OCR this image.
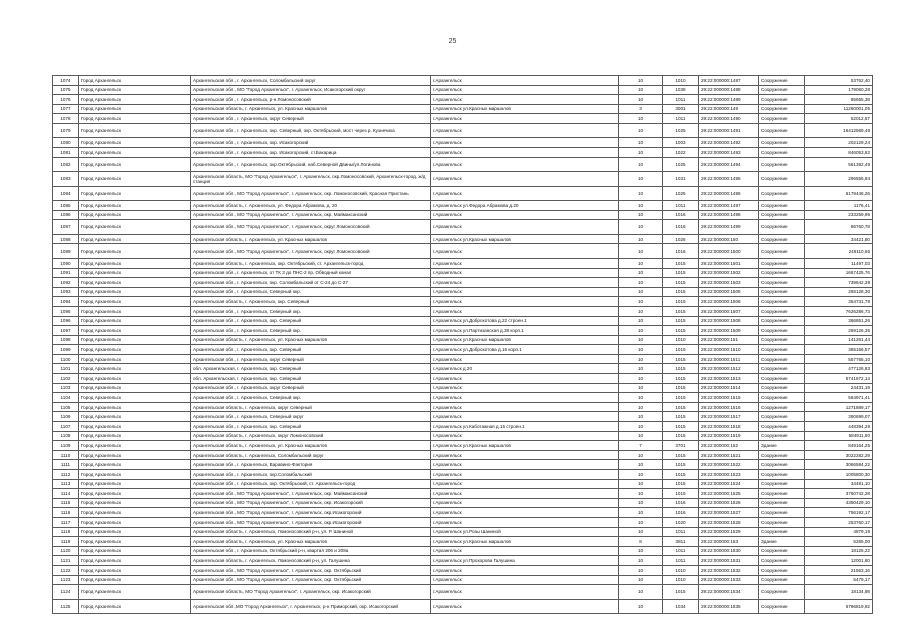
25
1074	Город Архангельск	Архангельская обл., г. Архангельск, Соломбальский округ	г.Архангельск	10	1010	29:22:000000:1487	Сооружение	53762,40
1075	Город Архангельск	Архангельская обл., МО "Город Архангельск", г. Архангельск, Исакогорский округ	г.Архангельск	10	1038	29:22:000000:1488	Сооружение	179060,28
1076	Город Архангельск	Архангельская обл., г. Архангельск, р-н Ломоносовский	г.Архангельск	10	1011	29:22:000000:1489	Сооружение	85655,38
1077	Город Архангельск	Архангельская область, г. Архангельск, ул. Красных маршалов	г.Архангельск ул.Красных маршалов	3	3001	29:22:000000:149	Сооружение	11260001,05
1078	Город Архангельск	Архангельская обл., г. Архангельск, округ Северный	г.Архангельск	10	1011	29:22:000000:1490	Сооружение	52012,57
1079	Город Архангельск	Архангельская обл., г. Архангельск, окр. Северный, окр. Октябрьский, мост через р. Кузнечиха	г.Архангельск	10	1025	29:22:000000:1491	Сооружение	16412569,49
1080	Город Архангельск	Архангельская обл., г. Архангельск, окр. Исакогорский	г.Архангельск	10	1003	29:22:000000:1492	Сооружение	202129,24
1081	Город Архангельск	Архангельская обл., г. Архангельск, окр. Исакогорский, ст.Бакарица	г.Архангельск	10	1022	29:22:000000:1493	Сооружение	846053,82
1082	Город Архангельск	Архангельская обл., г. Архангельск, окр.Октябрьский, наб.Северной Двины/ул.Логинова	г.Архангельск	10	1025	29:22:000000:1494	Сооружение	561392,49
1083	Город Архангельск	Архангельская область, МО "Город Архангельск", г. Архангельск, окр.Ломоносовский, Архангельск-город, ж/д станция	г.Архангельск	10	1031	29:22:000000:1495	Сооружение	296556,84
1084	Город Архангельск	Архангельская обл., МО "Город Архангельск", г. Архангельск, окр. Ломоносовский, Красная Пристань	г.Архангельск	10	1025	29:22:000000:1496	Сооружение	6179446,26
1085	Город Архангельск	Архангельская область, г. Архангельск, ул. Федора Абрамова, д. 20	г.Архангельск ул.Федора Абрамова д.20	10	1011	29:22:000000:1497	Сооружение	1176,41
1086	Город Архангельск	Архангельская обл., МО "Город Архангельск", г. Архангельск, окр. Маймаксанский	г.Архангельск	10	1016	29:22:000000:1498	Сооружение	233259,95
1087	Город Архангельск	Архангельская обл., МО "Город Архангельск", г. Архангельск, округ Ломоносовский	г.Архангельск	10	1016	29:22:000000:1499	Сооружение	86760,78
1088	Город Архангельск	Архангельская область, г. Архангельск, ул. Красных маршалов	г.Архангельск ул.Красных маршалов	10	1026	29:22:000000:150	Сооружение	34421,80
1089	Город Архангельск	Архангельская обл., МО "Город Архангельск", г. Архангельск, округ Ломоносовский	г.Архангельск	10	1016	29:22:000000:1500	Сооружение	246110,65
1090	Город Архангельск	Архангельская область, г. Архангельск, окр. Октябрьский, ст. Архангельск-город	г.Архангельск	10	1015	29:22:000000:1501	Сооружение	11497,03
1091	Город Архангельск	Архангельская обл., г. Архангельск, от ТК 3 до ПНС-2 пр. Обводный канал	г.Архангельск	10	1015	29:22:000000:1502	Сооружение	1667425,76
1092	Город Архангельск	Архангельская обл., г. Архангельск, окр. Соломбальский от С-24 до С-27	г.Архангельск	10	1015	29:22:000000:1503	Сооружение	739642,39
1093	Город Архангельск	Архангельская обл., г. Архангельск, Северный окр.	г.Архангельск	10	1015	29:22:000000:1505	Сооружение	265128,30
1094	Город Архангельск	Архангельская область, г. Архангельск, окр. Северный	г.Архангельск	10	1015	29:22:000000:1506	Сооружение	354731,78
1095	Город Архангельск	Архангельская обл., г. Архангельск, Северный окр.	г.Архангельск	10	1015	29:22:000000:1507	Сооружение	7626286,73
1096	Город Архангельск	Архангельская обл., г. Архангельск, окр. Северный	г.Архангельск ул.Доброхотова д.22 строен.1	10	1015	29:22:000000:1508	Сооружение	366651,26
1097	Город Архангельск	Архангельская обл., г. Архангельск, Северный окр.	г.Архангельск ул.Партизанская д.38 корп.1	10	1015	29:22:000000:1509	Сооружение	269126,35
1098	Город Архангельск	Архангельская область, г. Архангельск, ул. Красных маршалов	г.Архангельск ул.Красных маршалов	10	1010	29:22:000000:151	Сооружение	141261,44
1099	Город Архангельск	Архангельская обл., г. Архангельск, окр. Северный	г.Архангельск ул.Доброхотова д.16 корп.1	10	1015	29:22:000000:1510	Сооружение	365156,57
1100	Город Архангельск	Архангельская обл., г. Архангельск, округ Северный	г.Архангельск	10	1015	29:22:000000:1511	Сооружение	557765,10
1101	Город Архангельск	обл. Архангельская, г. Архангельск, окр. Северный	г.Архангельск д.20	10	1015	29:22:000000:1512	Сооружение	477126,83
1102	Город Архангельск	обл. Архангельская, г. Архангельск, окр. Северный	г.Архангельск	10	1015	29:22:000000:1513	Сооружение	5741672,14
1103	Город Архангельск	Архангельская обл., г. Архангельск, округ Северный	г.Архангельск	10	1015	29:22:000000:1514	Сооружение	24431,19
1104	Город Архангельск	Архангельская обл., г. Архангельск, Северный окр.	г.Архангельск	10	1015	29:22:000000:1515	Сооружение	564971,41
1105	Город Архангельск	Архангельская область, г. Архангельск, округ Северный	г.Архангельск	10	1015	29:22:000000:1516	Сооружение	1271889,17
1106	Город Архангельск	Архангельская обл., г. Архангельск, Северный округ	г.Архангельск	10	1015	29:22:000000:1517	Сооружение	390699,07
1107	Город Архангельск	Архангельская обл., г. Архангельск, окр. Северный	г.Архангельск ул.Каботажная д.15 строен.1	10	1015	29:22:000000:1518	Сооружение	448394,29
1108	Город Архангельск	Архангельская область, г. Архангельск, округ Ломоносовский	г.Архангельск	10	1015	29:22:000000:1519	Сооружение	584911,50
1109	Город Архангельск	Архангельская область, г. Архангельск, ул. Красных маршалов	г.Архангельск ул.Красных маршалов	7	3701	29:22:000000:152	Здание	849164,25
1110	Город Архангельск	Архангельская область, г. Архангельск, Соломбальский округ	г.Архангельск	10	1015	29:22:000000:1521	Сооружение	3022282,29
1111	Город Архангельск	Архангельская обл., г. Архангельск, Варавино-Фактория	г.Архангельск	10	1015	29:22:000000:1522	Сооружение	3066584,22
1112	Город Архангельск	Архангельская обл., г. Архангельск, окр.Соломбальский	г.Архангельск	10	1015	29:22:000000:1523	Сооружение	1005800,30
1113	Город Архангельск	Архангельская обл., г. Архангельск, окр. Октябрьский, ст. Архангельск-город	г.Архангельск	10	1015	29:22:000000:1524	Сооружение	34481,10
1114	Город Архангельск	Архангельская обл., МО "Город Архангельск", г. Архангельск, окр. Маймаксанский	г.Архангельск	10	1015	29:22:000000:1525	Сооружение	3760742,28
1115	Город Архангельск	Архангельская обл., МО "Город Архангельск", г. Архангельск, окр. Исакогорский	г.Архангельск	10	1016	29:22:000000:1526	Сооружение	4350429,10
1116	Город Архангельск	Архангельская обл., МО "Город Архангельск", г. Архангельск, окр.Исакогорский	г.Архангельск	10	1016	29:22:000000:1527	Сооружение	756192,17
1117	Город Архангельск	Архангельская обл., МО "Город Архангельск", г. Архангельск, окр.Исакогорский	г.Архангельск	10	1020	29:22:000000:1528	Сооружение	253760,17
1118	Город Архангельск	Архангельская область, г. Архангельск, Ломоносовский р-н, ул. Р. Шаниной	г.Архангельск ул.Розы Шаниной	10	1011	29:22:000000:1529	Сооружение	4879,19
1119	Город Архангельск	Архангельская область, г. Архангельск, ул. Красных маршалов	г.Архангельск ул.Красных маршалов	8	3811	29:22:000000:153	Здание	5265,00
1120	Город Архангельск	Архангельская обл., г. Архангельск, Октябрьский р-н, квартал 206 и 208а	г.Архангельск	10	1011	29:22:000000:1530	Сооружение	18125,22
1121	Город Архангельск	Архангельская область, г. Архангельск, Ломоносовский р-н, ул. Галушина	г.Архангельск ул.Прохорова Галушина	10	1011	29:22:000000:1531	Сооружение	12001,80
1122	Город Архангельск	Архангельская обл., МО "Город Архангельск", г. Архангельск, окр. Октябрьский	г.Архангельск	10	1010	29:22:000000:1532	Сооружение	21563,16
1123	Город Архангельск	Архангельская обл., МО "Город Архангельск", г. Архангельск, окр. Октябрьский	г.Архангельск	10	1010	29:22:000000:1533	Сооружение	5479,17
1124	Город Архангельск	Архангельская область, МО "Город Архангельск", г. Архангельск, окр. Исакогорский	г.Архангельск	10	1015	29:22:000000:1534	Сооружение	18134,98
1125	Город Архангельск	Архангельская обл.,МО "Город Архангельск", г. Архангельск, р-н Приморский, окр. Исакогорский	г.Архангельск	10	1034	29:22:000000:1535	Сооружение	6796819,92
